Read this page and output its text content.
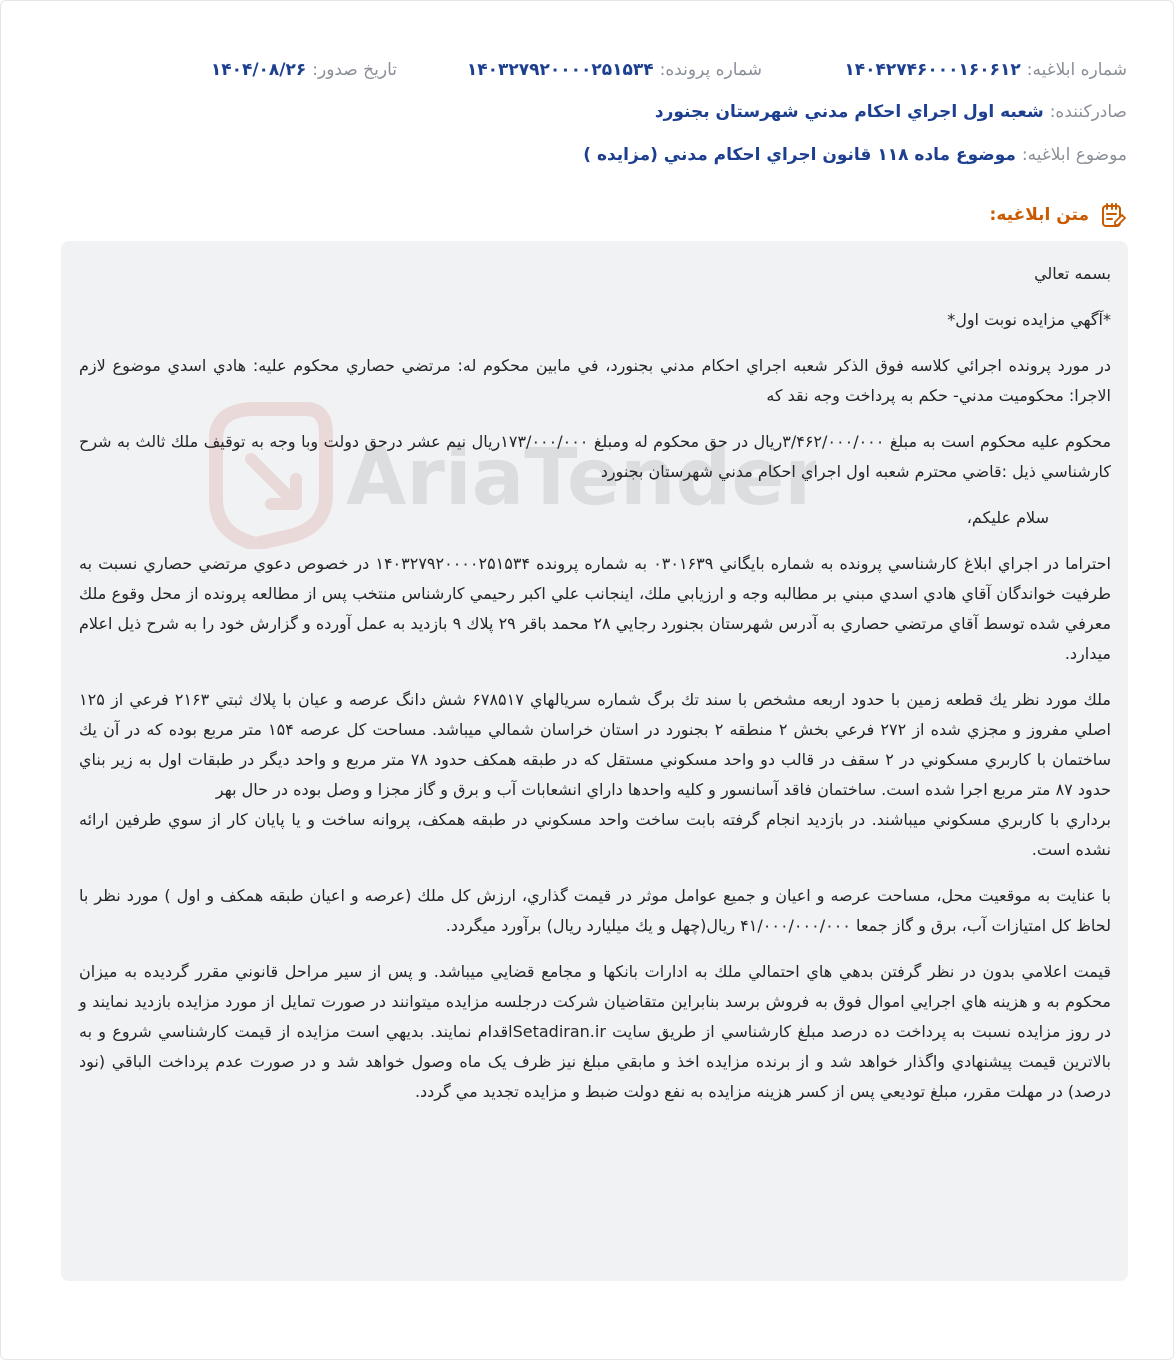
شماره ابلاغیه:
۱۴۰۴۲۷۴۶۰۰۰۱۶۰۶۱۲
شماره پرونده:
۱۴۰۳۲۷۹۲۰۰۰۰۲۵۱۵۳۴
تاریخ صدور:
۱۴۰۴/۰۸/۲۶
صادرکننده:
شعبه اول اجراي احكام مدني شهرستان بجنورد
موضوع ابلاغیه:
موضوع ماده ۱۱۸ قانون اجراي احكام مدني (مزايده )
متن ابلاغیه:

بسمه تعالي

*آگهي مزايده نوبت اول*

در مورد پرونده اجرائي كلاسه فوق الذكر شعبه اجراي احكام مدني بجنورد، في مابين محكوم له: مرتضي حصاري محكوم عليه: هادي اسدي موضوع لازم الاجرا: محكوميت مدني- حكم به پرداخت وجه نقد كه

محكوم عليه محكوم است به مبلغ ۳/۴۶۲/۰۰۰/۰۰۰ريال در حق محكوم له ومبلغ ۱۷۳/۰۰۰/۰۰۰ريال نيم عشر درحق دولت وبا وجه به توقيف ملك ثالث به شرح كارشناسي ذيل :قاضي محترم شعبه اول اجراي احكام مدني شهرستان بجنورد

سلام عليكم،

احتراما در اجراي ابلاغ كارشناسي پرونده به شماره بايگاني ۰۳۰۱۶۳۹ به شماره پرونده ۱۴۰۳۲۷۹۲۰۰۰۰۲۵۱۵۳۴ در خصوص دعوي مرتضي حصاري نسبت به طرفيت خواندگان آقاي هادي اسدي مبني بر مطالبه وجه و ارزيابي ملك، اينجانب علي اكبر رحيمي كارشناس منتخب پس از مطالعه پرونده از محل وقوع ملك معرفي شده توسط آقاي مرتضي حصاري به آدرس شهرستان بجنورد رجايي ۲۸ محمد باقر ۲۹ پلاك ۹ بازديد به عمل آورده و گزارش خود را به شرح ذيل اعلام ميدارد.

ملك مورد نظر يك قطعه زمين با حدود اربعه مشخص با سند تك برگ شماره سريالهاي ۶۷۸۵۱۷ شش دانگ عرصه و عيان با پلاك ثبتي ۲۱۶۳ فرعي از ۱۲۵ اصلي مفروز و مجزي شده از ۲۷۲ فرعي بخش ۲ منطقه ۲ بجنورد در استان خراسان شمالي ميباشد. مساحت كل عرصه ۱۵۴ متر مربع بوده كه در آن يك ساختمان با كاربري مسكوني در ۲ سقف در قالب دو واحد مسكوني مستقل كه در طبقه همكف حدود ۷۸ متر مربع و واحد ديگر در طبقات اول به زير بناي حدود ۸۷ متر مربع اجرا شده است. ساختمان فاقد آسانسور و كليه واحدها داراي انشعابات آب و برق و گاز مجزا و وصل بوده در حال بهر

برداري با كاربري مسكوني ميباشند. در بازديد انجام گرفته بابت ساخت واحد مسكوني در طبقه همكف، پروانه ساخت و يا پايان كار از سوي طرفين ارائه نشده است.

با عنايت به موقعيت محل، مساحت عرصه و اعيان و جميع عوامل موثر در قيمت گذاري، ارزش كل ملك (عرصه و اعيان طبقه همكف و اول ) مورد نظر با لحاظ كل امتيازات آب، برق و گاز جمعا ۴۱/۰۰۰/۰۰۰/۰۰۰ ريال(چهل و يك ميليارد ريال) برآورد ميگردد.

قيمت اعلامي بدون در نظر گرفتن بدهي هاي احتمالي ملك به ادارات بانكها و مجامع قضايي ميباشد. و پس از سير مراحل قانوني مقرر گرديده به ميزان محكوم به و هزينه هاي اجرايي اموال فوق به فروش برسد بنابراين متقاضيان شركت درجلسه مزايده ميتوانند در صورت تمايل از مورد مزايده بازديد نمايند و در روز مزايده نسبت به پرداخت ده درصد مبلغ كارشناسي از طريق سايت Setadiran.irاقدام نمايند. بديهي است مزايده از قيمت كارشناسي شروع و به بالاترين قيمت پيشنهادي واگذار خواهد شد و از برنده مزايده اخذ و مابقي مبلغ نيز ظرف يک ماه وصول خواهد شد و در صورت عدم پرداخت الباقي (نود درصد) در مهلت مقرر، مبلغ توديعي پس از كسر هزينه مزايده به نفع دولت ضبط و مزايده تجديد مي گردد.
